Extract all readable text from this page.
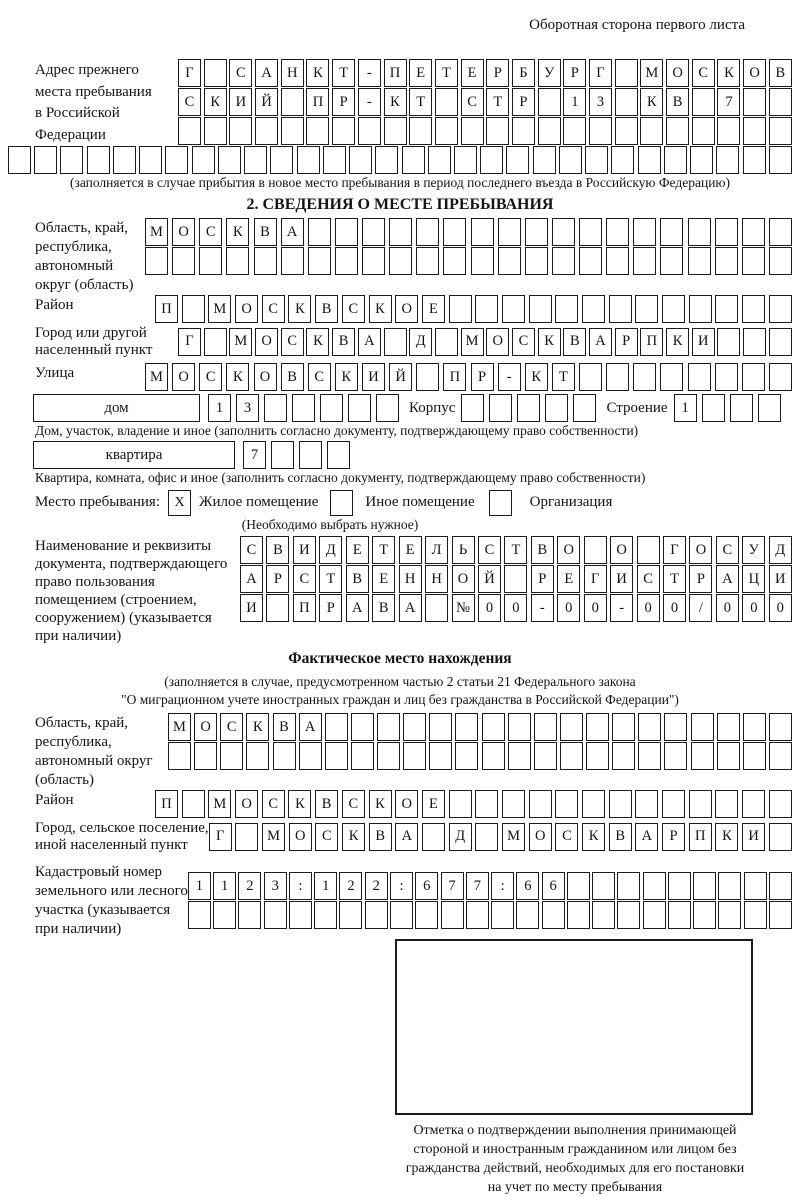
Оборотная сторона первого листа
Адрес прежнего
места пребывания
в Российской
Федерации
Г	С	А	Н	К	Т	-	П	Е	Т	Е	Р	Б	У	Р	Г	М О	С	К	О	В
С	К	И	Й	П	Р	-	К	Т	С	Т	Р	1	3	К	В	7
(заполняется в случае прибытия в новое место пребывания в период последнего въезда в Российскую Федерацию)
2. СВЕДЕНИЯ О МЕСТЕ ПРЕБЫВАНИЯ
Область, край,
республика,
автономный
округ (область)
М	О	С	К	В	А
Район	П	М	О	С	К	В	С	К	О	Е
Город или другой
населенный пункт
Г	М О	С	К	В	А	Д	М О	С	К	В	А	Р	П	К	И
Улица	М	О	С	К	О	В	С	К	И	Й	П	Р	-	К	Т
дом	1	3	Корпус	Строение 1
Дом, участок, владение и иное (заполнить согласно документу, подтверждающему право собственности)
квартира	7
Квартира, комната, офис и иное (заполнить согласно документу, подтверждающему право собственности)
Место пребывания:	X Жилое помещение	Иное помещение	Организация
(Необходимо выбрать нужное)
Наименование и реквизиты
документа, подтверждающего
право пользования
помещением (строением,
сооружением) (указывается
при наличии)
С	В	И	Д	Е	Т	Е	Л	Ь	С	Т	В	О	О	Г	О	С	У	Д
А	Р	С	Т	В	Е	Н	Н	О	Й	Р	Е	Г	И	С	Т	Р	А	Ц	И
И	П	Р	А	В	А	№	0	0	-	0	0	-	0	0	/	0	0	0
Фактическое место нахождения
(заполняется в случае, предусмотренном частью 2 статьи 21 Федерального закона
"О миграционном учете иностранных граждан и лиц без гражданства в Российской Федерации")
Область, край,
республика,
автономный округ
(область)
М О	С	К	В	А
Район	П	М	О	С	К	В	С	К	О	Е
Город, сельское поселение,
иной населенный пункт
Г	М	О	С	К	В	А	Д	М	О	С	К	В	А	Р	П	К	И
Кадастровый номер
земельного или лесного
участка (указывается
при наличии)
1	1	2	3	:	1	2	2	:	6	7	7	:	6	6
Отметка о подтверждении выполнения принимающей
стороной и иностранным гражданином или лицом без
гражданства действий, необходимых для его постановки
на учет по месту пребывания
